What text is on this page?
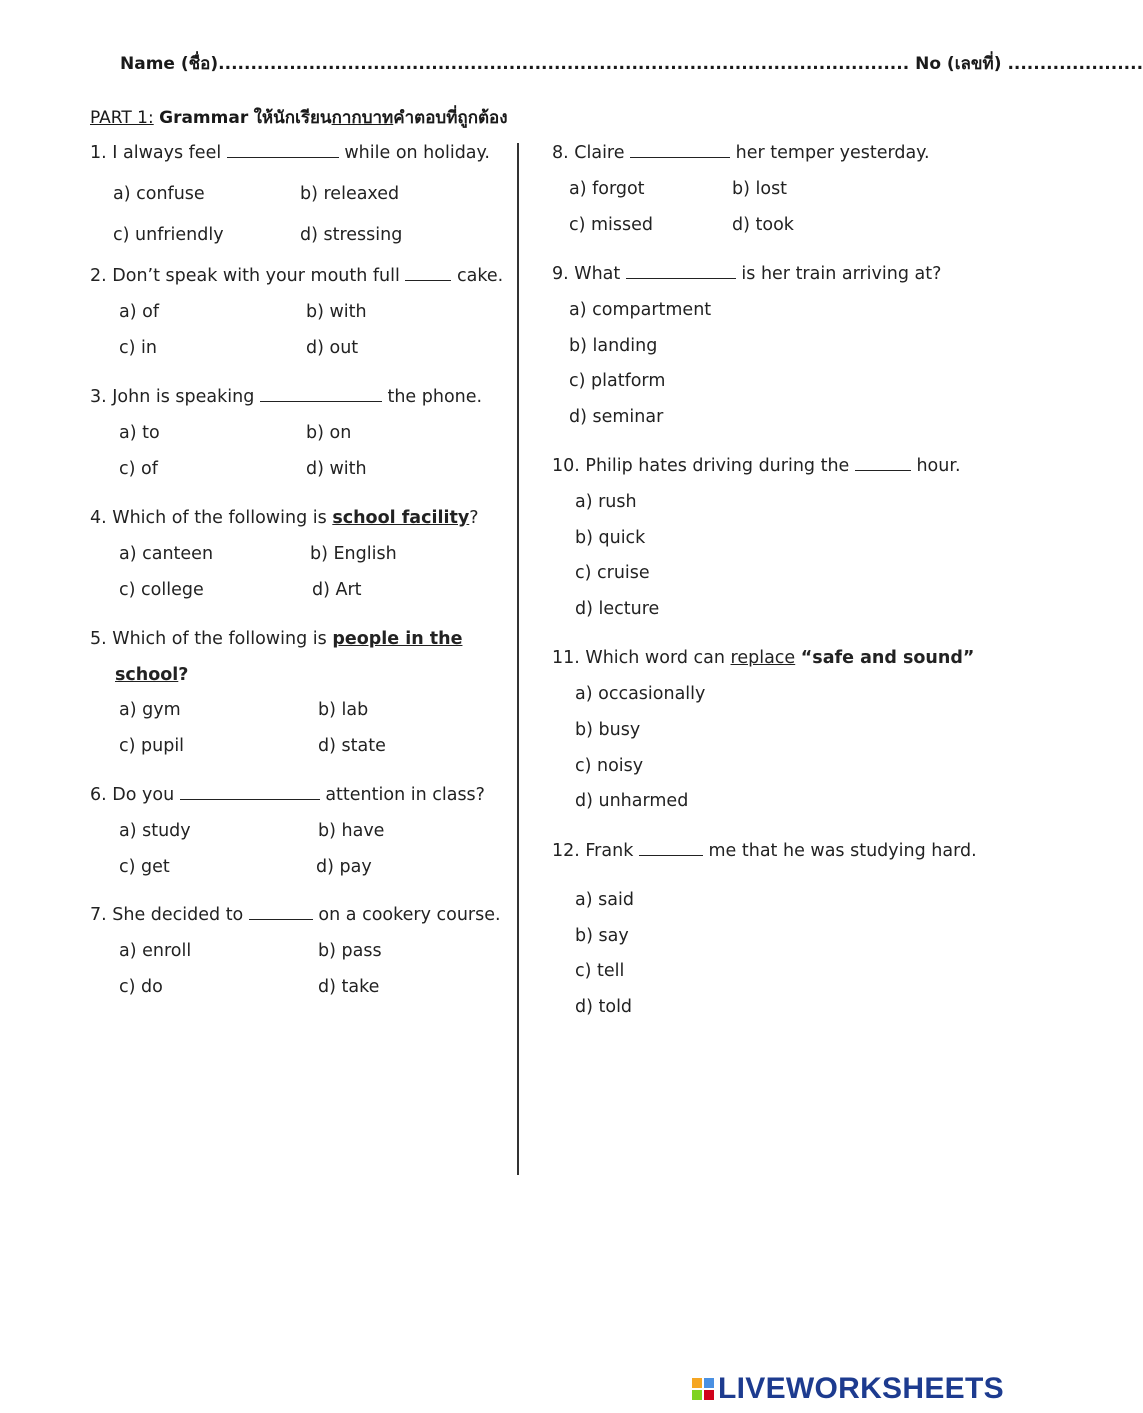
Name (ชื่อ)........................................................................................................... No (เลขที่) .....................
PART 1: Grammar ให้นักเรียนกากบาทคำตอบที่ถูกต้อง
1. I always feel	while on holiday.
a) confuse	b) releaxed
c) unfriendly	d) stressing
2. Don’t speak with your mouth full	cake.
a) of	b) with
c) in	d) out
3. John is speaking	the phone.
a) to	b) on
c) of	d) with
4. Which of the following is school facility?
a) canteen	b) English
c) college	d) Art
5. Which of the following is people in the
school?
a) gym	b) lab
c) pupil	d) state
6. Do you	attention in class?
a) study	b) have
c) get	d) pay
7. She decided to	on a cookery course.
a) enroll	b) pass
c) do	d) take
8. Claire	her temper yesterday.
a) forgot	b) lost
c) missed	d) took
9. What	is her train arriving at?
a) compartment
b) landing
c) platform
d) seminar
10. Philip hates driving during the	hour.
a) rush
b) quick
c) cruise
d) lecture
11. Which word can replace “safe and sound”
a) occasionally
b) busy
c) noisy
d) unharmed
12. Frank	me that he was studying hard.
a) said
b) say
c) tell
d) told
LIVEWORKSHEETS
